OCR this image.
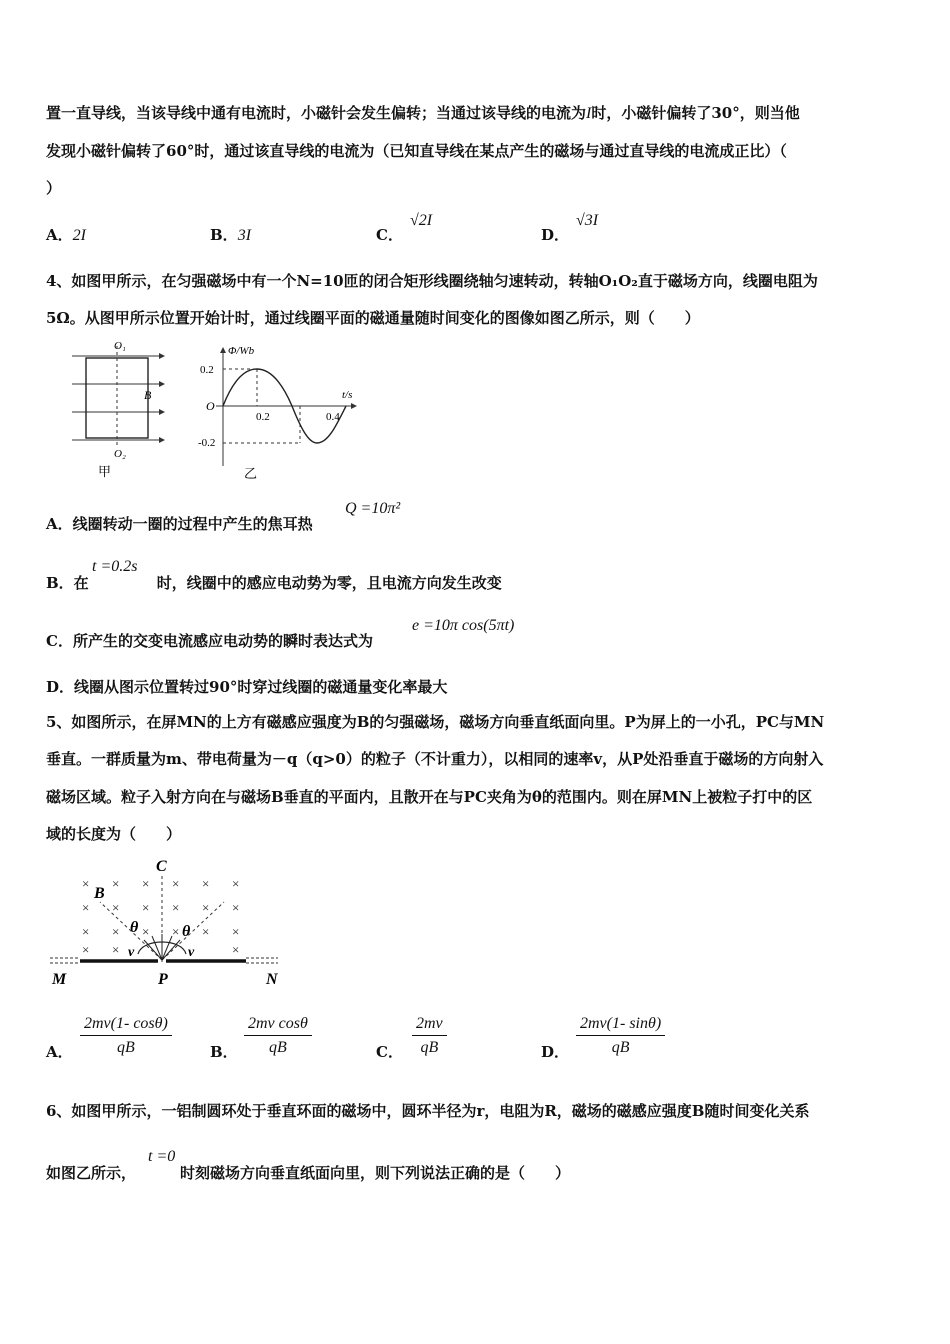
置一直导线，当该导线中通有电流时，小磁针会发生偏转；当通过该导线的电流为I时，小磁针偏转了30°，则当他
发现小磁针偏转了60°时，通过该直导线的电流为（已知直导线在某点产生的磁场与通过直导线的电流成正比）（
）
A．2I	B．3I	C．
√2I
D．
√3I
4、如图甲所示，在匀强磁场中有一个N=10匝的闭合矩形线圈绕轴匀速转动，转轴O₁O₂直于磁场方向，线圈电阻为
5Ω。从图甲所示位置开始计时，通过线圈平面的磁通量随时间变化的图像如图乙所示，则（　　）
O₁
O₂
B
甲
Φ/Wb
t/s
O
0.2
-0.2
0.2	0.4
乙
A．线圈转动一圈的过程中产生的焦耳热
Q =10π²
B．在	时，线圈中的感应电动势为零，且电流方向发生改变
t =0.2s
C．所产生的交变电流感应电动势的瞬时表达式为
e =10π cos(5πt)
D．线圈从图示位置转过90°时穿过线圈的磁通量变化率最大
5、如图所示，在屏MN的上方有磁感应强度为B的匀强磁场，磁场方向垂直纸面向里。P为屏上的一小孔，PC与MN
垂直。一群质量为m、带电荷量为－q（q>0）的粒子（不计重力），以相同的速率v，从P处沿垂直于磁场的方向射入
磁场区域。粒子入射方向在与磁场B垂直的平面内，且散开在与PC夹角为θ的范围内。则在屏MN上被粒子打中的区
域的长度为（　　）
× × × × × ×
× × × × × ×
× × × × × ×
× ×	×
C
B
θ	θ
v	v
M	P	N
A． $\frac{2mv(1- \cos\theta)}{qB}$	B． $\frac{\text{2mv cosθ}}{qB}$	C． $\frac{2mv}{qB}$	D． $\frac{2mv(1- \sin\theta)}{qB}$
6、如图甲所示，一铝制圆环处于垂直环面的磁场中，圆环半径为r，电阻为R，磁场的磁感应强度B随时间变化关系
如图乙所示，	时刻磁场方向垂直纸面向里，则下列说法正确的是（　　）
t =0
